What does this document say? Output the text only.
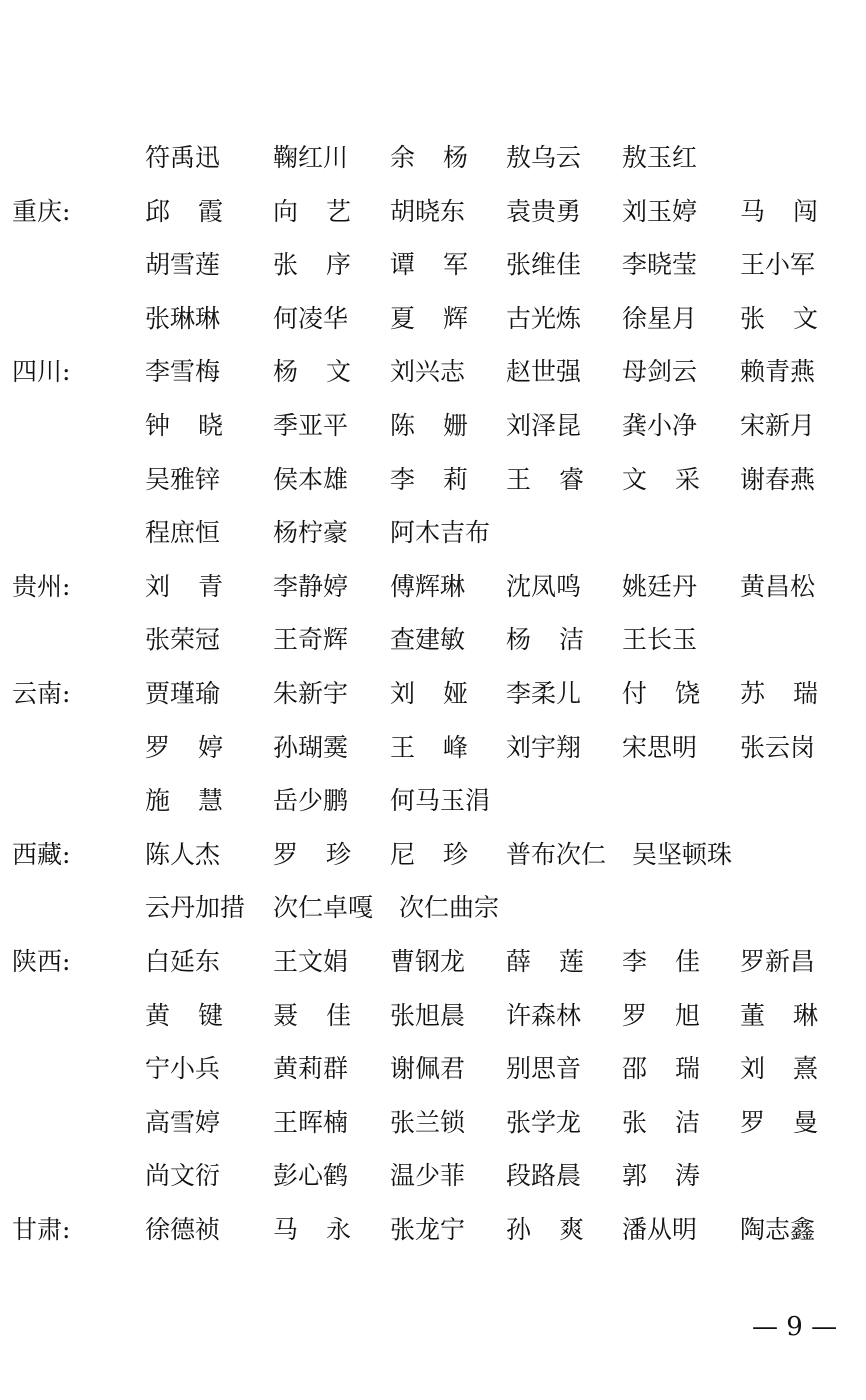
符禹迅 鞠红川 余杨 敖乌云 敖玉红
重庆:	邱霞 向艺 胡晓东 袁贵勇 刘玉婷 马闯
胡雪莲 张序 谭军 张维佳 李晓莹 王小军
张琳琳 何凌华 夏辉 古光炼 徐星月 张文
四川:	李雪梅 杨文 刘兴志 赵世强 母剑云 赖青燕
钟晓 季亚平 陈姗 刘泽昆 龚小净 宋新月
吴雅锌 侯本雄 李莉 王睿 文采 谢春燕
程庶恒 杨柠豪 阿木吉布
贵州:	刘青 李静婷 傅辉琳 沈凤鸣 姚廷丹 黄昌松
张荣冠 王奇辉 查建敏 杨洁 王长玉
云南:	贾瑾瑜 朱新宇 刘娅 李柔儿 付饶 苏瑞
罗婷 孙瑚霙 王峰 刘宇翔 宋思明 张云岗
施慧 岳少鹏 何马玉涓
西藏:	陈人杰 罗珍 尼珍 普布次仁 吴坚顿珠
云丹加措 次仁卓嘎 次仁曲宗
陕西:	白延东 王文娟 曹钢龙 薛莲 李佳 罗新昌
黄键 聂佳 张旭晨 许森林 罗旭 董琳
宁小兵 黄莉群 谢佩君 别思音 邵瑞 刘熹
高雪婷 王晖楠 张兰锁 张学龙 张洁 罗曼
尚文衍 彭心鹤 温少菲 段路晨 郭涛
甘肃:	徐德祯 马永 张龙宁 孙爽 潘从明 陶志鑫
— 9 —
